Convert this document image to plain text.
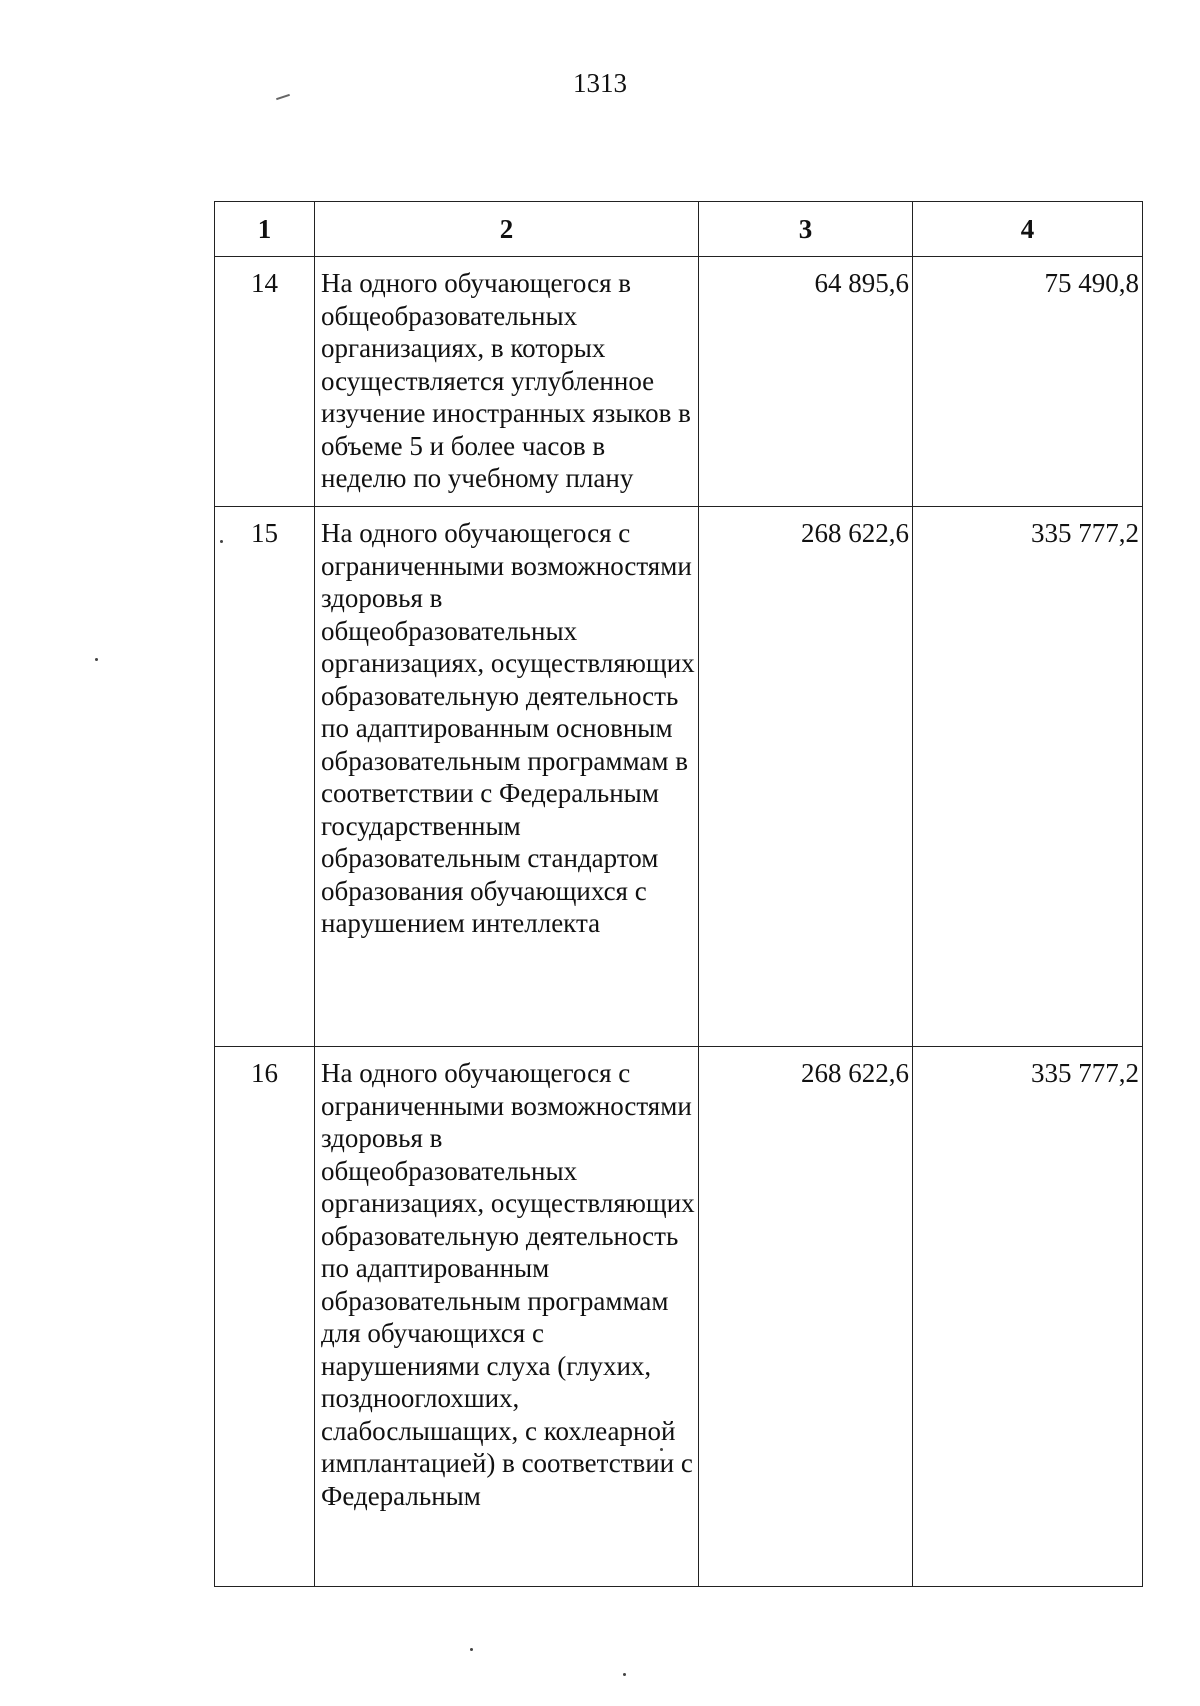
1313
1	2	3	4
14	На одного обучающегося в общеобразовательных организациях, в которых осуществляется углубленное изучение иностранных языков в объеме 5 и более часов в неделю по учебному плану	64 895,6	75 490,8
15	На одного обучающегося с ограниченными возможностями здоровья в общеобразовательных организациях, осуществляющих образовательную деятельность по адаптированным основным образовательным программам в соответствии с Федеральным государственным образовательным стандартом образования обучающихся с нарушением интеллекта	268 622,6	335 777,2
16	На одного обучающегося с ограниченными возможностями здоровья в общеобразовательных организациях, осуществляющих образовательную деятельность по адаптированным образовательным программам для обучающихся с нарушениями слуха (глухих, позднооглохших, слабослышащих, с кохлеарной имплантацией) в соответствии с Федеральным	268 622,6	335 777,2
